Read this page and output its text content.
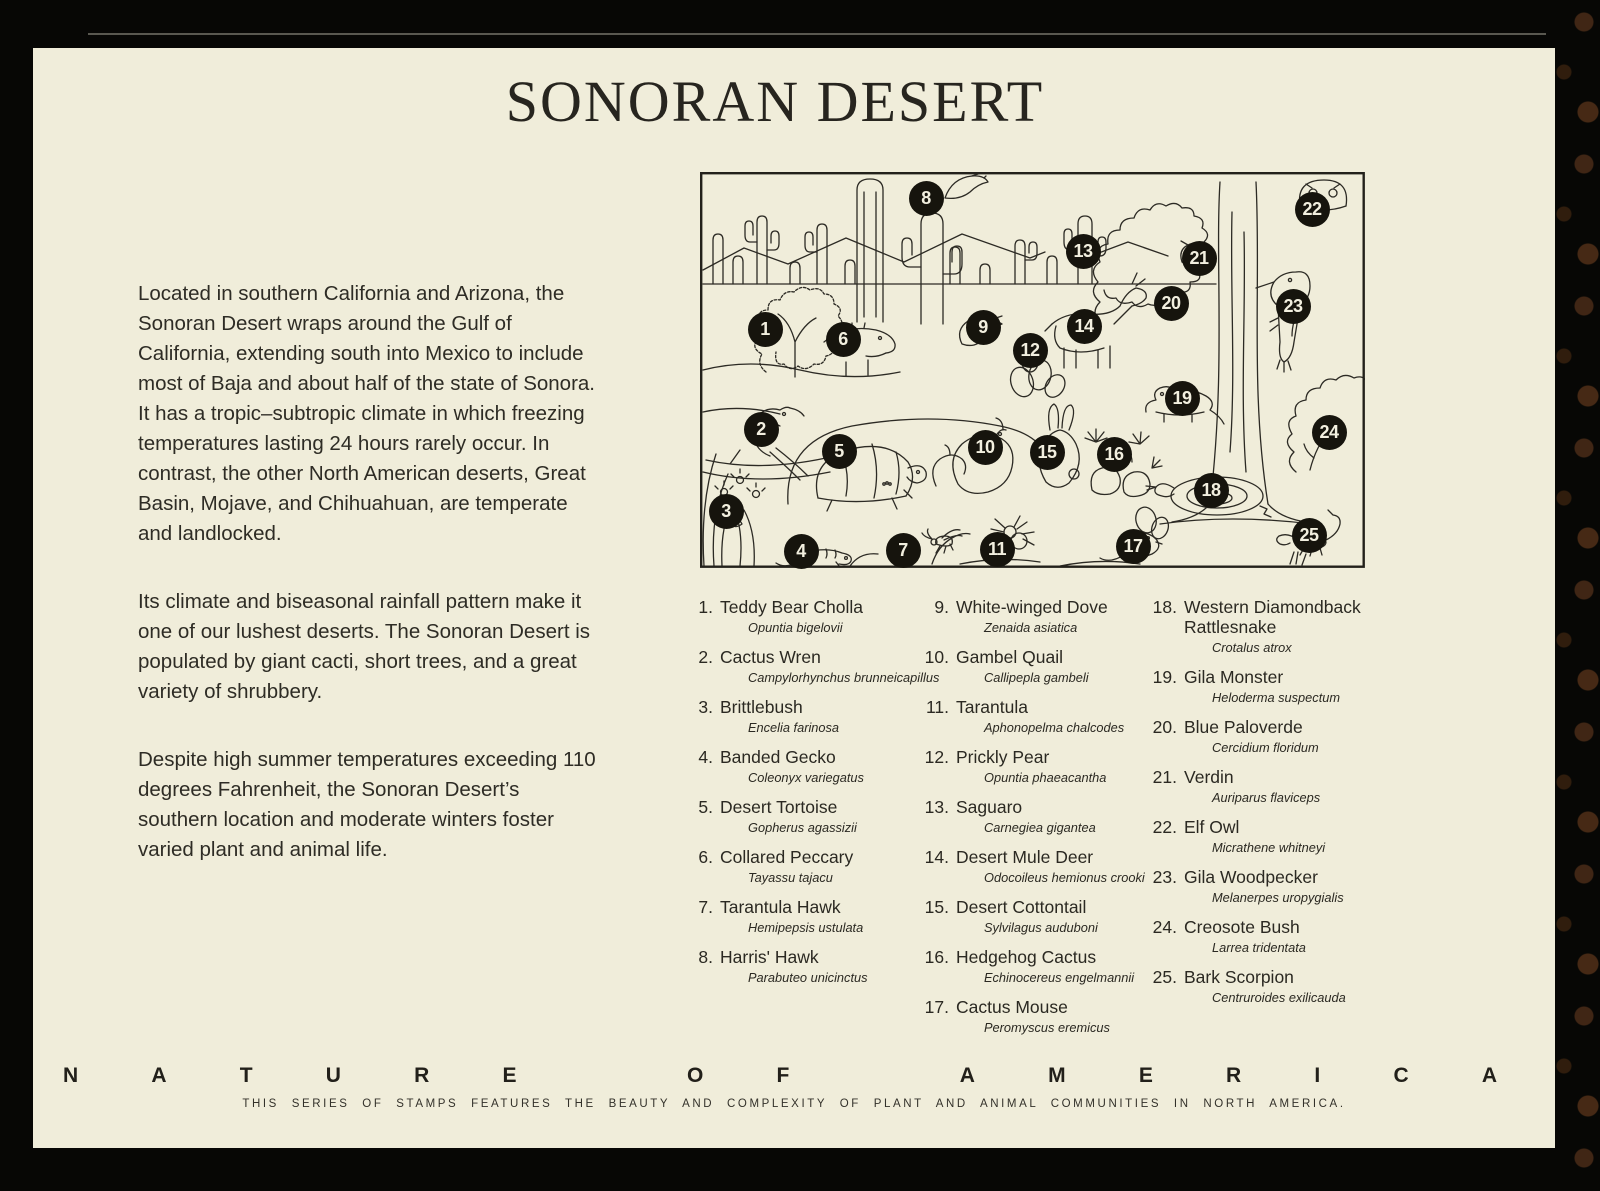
SONORAN DESERT

Located in southern California and Arizona, the Sonoran Desert wraps around the Gulf of California, extending south into Mexico to include most of Baja and about half of the state of Sonora. It has a tropic–subtropic climate in which freezing temperatures lasting 24 hours rarely occur. In contrast, the other North American deserts, Great Basin, Mojave, and Chihuahuan, are temperate and landlocked.

Its climate and biseasonal rainfall pattern make it one of our lushest deserts. The Sonoran Desert is populated by giant cacti, short trees, and a great variety of shrubbery.

Despite high summer temperatures exceeding 110 degrees Fahrenheit, the Sonoran Desert’s southern location and moderate winters foster varied plant and animal life.

1
2
3
4
5
6
7
8
9
10
11
12
13
14
15	16
17
18
19
20
21
22
23
24
25
1. Teddy Bear Cholla
Opuntia bigelovii
2. Cactus Wren
Campylorhynchus brunneicapillus
3. Brittlebush
Encelia farinosa
4. Banded Gecko
Coleonyx variegatus
5. Desert Tortoise
Gopherus agassizii
6. Collared Peccary
Tayassu tajacu
7. Tarantula Hawk
Hemipepsis ustulata
8. Harris' Hawk
Parabuteo unicinctus
9. White-winged Dove
Zenaida asiatica
10. Gambel Quail
Callipepla gambeli
11. Tarantula
Aphonopelma chalcodes
12. Prickly Pear
Opuntia phaeacantha
13. Saguaro
Carnegiea gigantea
14. Desert Mule Deer
Odocoileus hemionus crooki
15. Desert Cottontail
Sylvilagus auduboni
16. Hedgehog Cactus
Echinocereus engelmannii
17. Cactus Mouse
Peromyscus eremicus
18. Western Diamondback Rattlesnake
Crotalus atrox
19. Gila Monster
Heloderma suspectum
20. Blue Paloverde
Cercidium floridum
21. Verdin
Auriparus flaviceps
22. Elf Owl
Micrathene whitneyi
23. Gila Woodpecker
Melanerpes uropygialis
24. Creosote Bush
Larrea tridentata
25. Bark Scorpion
Centruroides exilicauda
N	A	T	U	R	E	O	F	A	M	E	R	I	C	A
THIS SERIES OF STAMPS FEATURES THE BEAUTY AND COMPLEXITY OF PLANT AND ANIMAL COMMUNITIES IN NORTH AMERICA.
